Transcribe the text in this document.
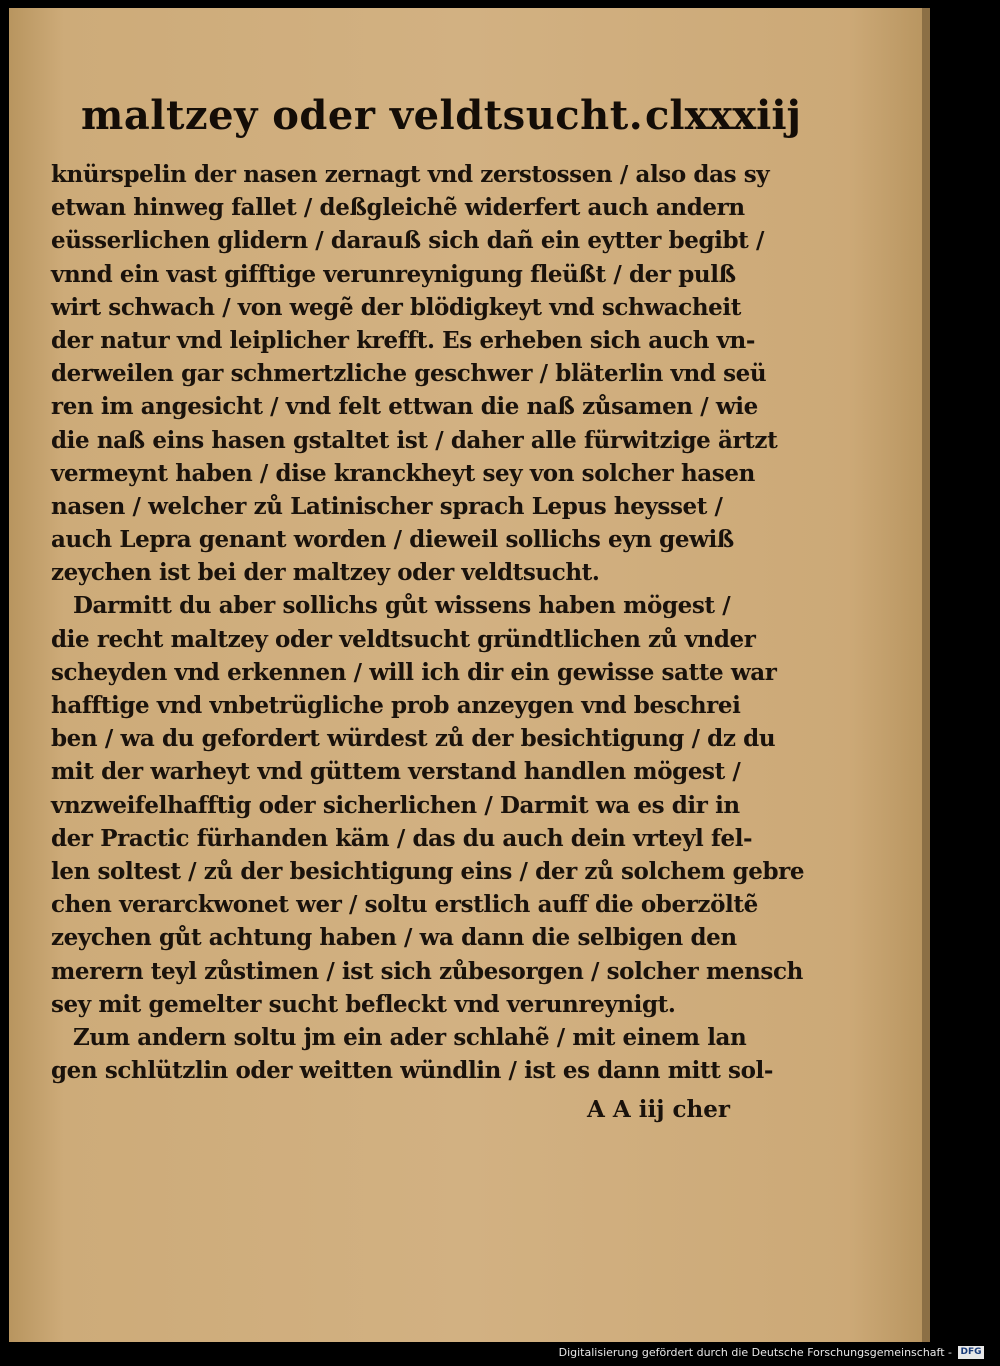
maltzey oder veldtsucht. clxxxiij
knürspelin der nasen zernagt vnd zerstossen / also das sy
etwan hinweg fallet / deßgleichẽ widerfert auch andern
eüsserlichen glidern / darauß sich dañ ein eytter begibt /
vnnd ein vast gifftige verunreynigung fleüßt / der pulß
wirt schwach / von wegẽ der blödigkeyt vnd schwacheit
der natur vnd leiplicher krefft. Es erheben sich auch vn-
derweilen gar schmertzliche geschwer / bläterlin vnd seü
ren im angesicht / vnd felt ettwan die naß zůsamen / wie
die naß eins hasen gstaltet ist / daher alle fürwitzige ärtzt
vermeynt haben / dise kranckheyt sey von solcher hasen
nasen / welcher zů Latinischer sprach Lepus heysset /
auch Lepra genant worden / dieweil sollichs eyn gewiß
zeychen ist bei der maltzey oder veldtsucht.
Darmitt du aber sollichs gůt wissens haben mögest /
die recht maltzey oder veldtsucht gründtlichen zů vnder
scheyden vnd erkennen / will ich dir ein gewisse satte war
hafftige vnd vnbetrügliche prob anzeygen vnd beschrei
ben / wa du gefordert würdest zů der besichtigung / dz du
mit der warheyt vnd güttem verstand handlen mögest /
vnzweifelhafftig oder sicherlichen / Darmit wa es dir in
der Practic fürhanden käm / das du auch dein vrteyl fel-
len soltest / zů der besichtigung eins / der zů solchem gebre
chen verarckwonet wer / soltu erstlich auff die oberzöltẽ
zeychen gůt achtung haben / wa dann die selbigen den
merern teyl zůstimen / ist sich zůbesorgen / solcher mensch
sey mit gemelter sucht befleckt vnd verunreynigt.
Zum andern soltu jm ein ader schlahẽ / mit einem lan
gen schlützlin oder weitten wündlin / ist es dann mitt sol-
A A iij cher
Digitalisierung gefördert durch die Deutsche Forschungsgemeinschaft - DFG
